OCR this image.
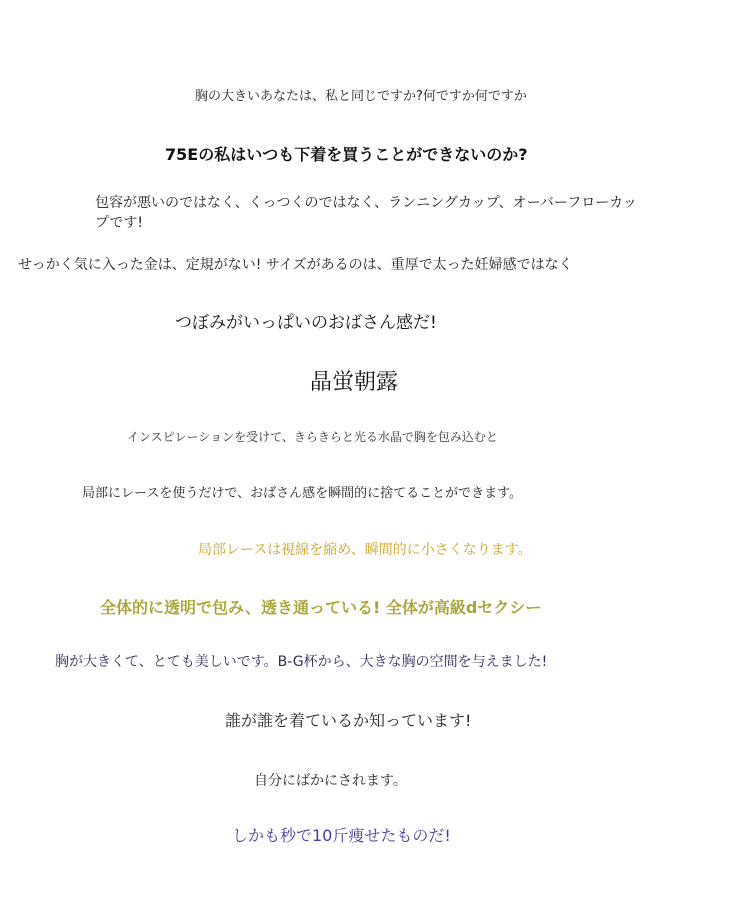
胸の大きいあなたは、私と同じですか?何ですか何ですか
75Eの私はいつも下着を買うことができないのか?
包容が悪いのではなく、くっつくのではなく、ランニングカップ、オーバーフローカップです!
せっかく気に入った金は、定規がない! サイズがあるのは、重厚で太った妊婦感ではなく
つぼみがいっぱいのおばさん感だ!
晶蛍朝露
インスピレーションを受けて、きらきらと光る水晶で胸を包み込むと
局部にレースを使うだけで、おばさん感を瞬間的に捨てることができます。
局部レースは視線を縮め、瞬間的に小さくなります。
全体的に透明で包み、透き通っている! 全体が高級dセクシー
胸が大きくて、とても美しいです。B-G杯から、大きな胸の空間を与えました!
誰が誰を着ているか知っています!
自分にばかにされます。
しかも秒で10斤痩せたものだ!
